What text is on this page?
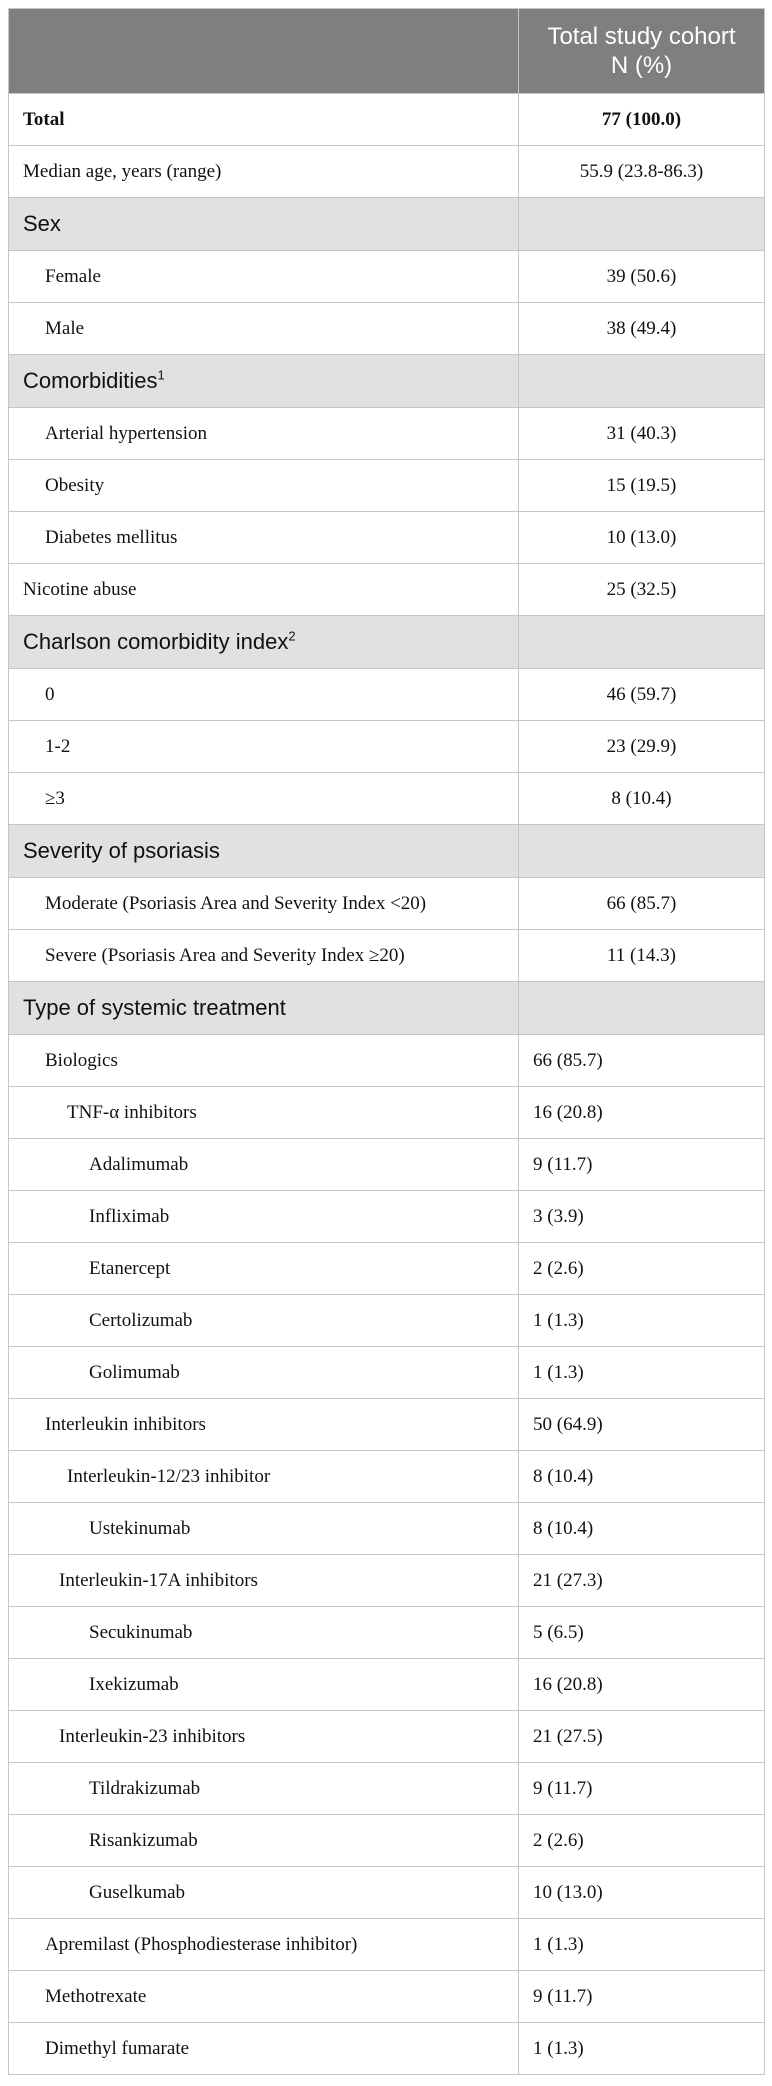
	Total study cohort
N (%)

Total	77 (100.0)
Median age, years (range)	55.9 (23.8-86.3)
Sex	
Female	39 (50.6)
Male	38 (49.4)
Comorbidities$^1$	
Arterial hypertension	31 (40.3)
Obesity	15 (19.5)
Diabetes mellitus	10 (13.0)
Nicotine abuse	25 (32.5)
Charlson comorbidity index$^2$	
0	46 (59.7)
1-2	23 (29.9)
≥3	8 (10.4)
Severity of psoriasis	
Moderate (Psoriasis Area and Severity Index <20)	66 (85.7)
Severe (Psoriasis Area and Severity Index ≥20)	11 (14.3)
Type of systemic treatment	
Biologics	66 (85.7)
TNF-α inhibitors	16 (20.8)
Adalimumab	9 (11.7)
Infliximab	3 (3.9)
Etanercept	2 (2.6)
Certolizumab	1 (1.3)
Golimumab	1 (1.3)
Interleukin inhibitors	50 (64.9)
Interleukin-12/23 inhibitor	8 (10.4)
Ustekinumab	8 (10.4)
Interleukin-17A inhibitors	21 (27.3)
Secukinumab	5 (6.5)
Ixekizumab	16 (20.8)
Interleukin-23 inhibitors	21 (27.5)
Tildrakizumab	9 (11.7)
Risankizumab	2 (2.6)
Guselkumab	10 (13.0)
Apremilast (Phosphodiesterase inhibitor)	1 (1.3)
Methotrexate	9 (11.7)
Dimethyl fumarate	1 (1.3)
